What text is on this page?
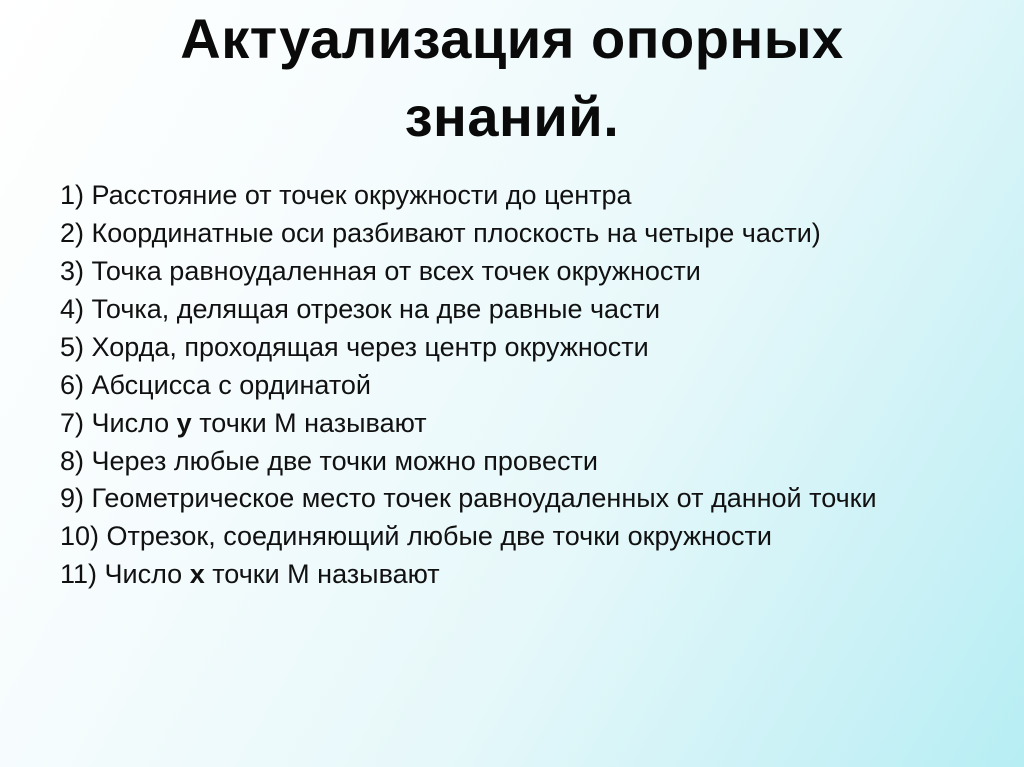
Актуализация опорных
знаний.
1) Расстояние от точек окружности до центра
2) Координатные оси разбивают плоскость на четыре части)
3) Точка равноудаленная от всех точек окружности
4) Точка, делящая отрезок на две равные части
5) Хорда, проходящая через центр окружности
6) Абсцисса с ординатой
7) Число у точки М называют
8) Через любые две точки можно провести
9) Геометрическое место точек равноудаленных от данной точки
10) Отрезок, соединяющий любые две точки окружности
11) Число х точки М называют
